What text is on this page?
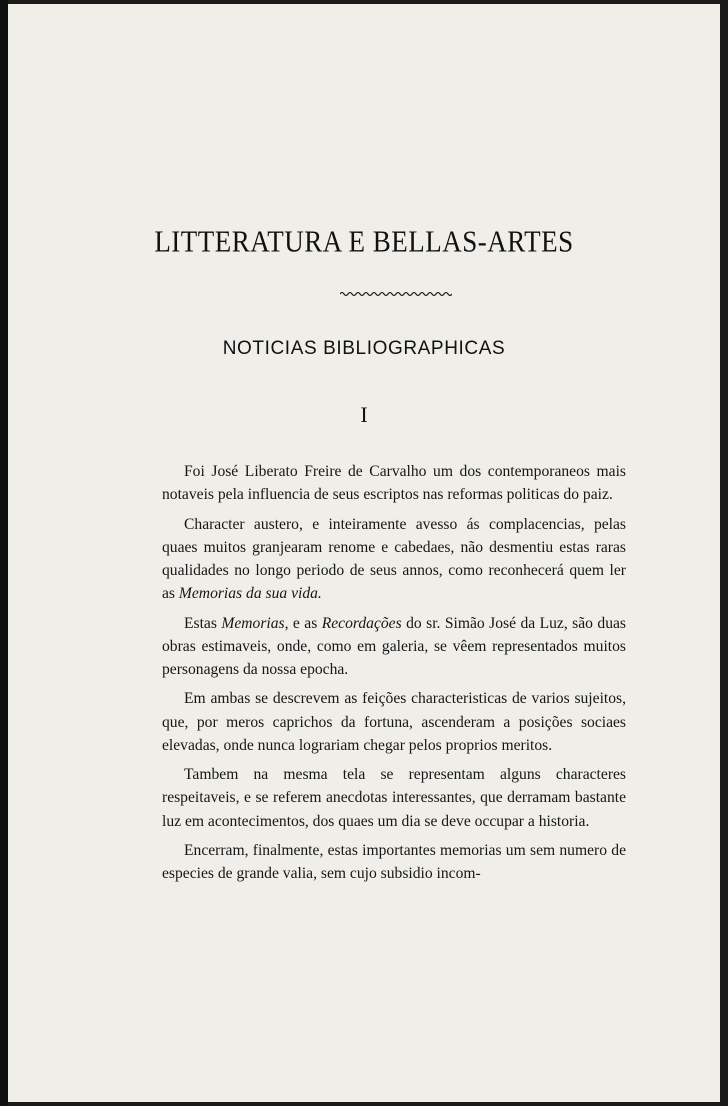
LITTERATURA E BELLAS-ARTES
NOTICIAS BIBLIOGRAPHICAS
I

Foi José Liberato Freire de Carvalho um dos contemporaneos mais notaveis pela influencia de seus escriptos nas reformas politicas do paiz.

Character austero, e inteiramente avesso ás complacencias, pelas quaes muitos granjearam renome e cabedaes, não desmentiu estas raras qualidades no longo periodo de seus annos, como reconhecerá quem ler as Memorias da sua vida.

Estas Memorias, e as Recordações do sr. Simão José da Luz, são duas obras estimaveis, onde, como em galeria, se vêem representados muitos personagens da nossa epocha.

Em ambas se descrevem as feições characteristicas de varios sujeitos, que, por meros caprichos da fortuna, ascenderam a posições sociaes elevadas, onde nunca lograriam chegar pelos proprios meritos.

Tambem na mesma tela se representam alguns characteres respeitaveis, e se referem anecdotas interessantes, que derramam bastante luz em acontecimentos, dos quaes um dia se deve occupar a historia.

Encerram, finalmente, estas importantes memorias um sem numero de especies de grande valia, sem cujo subsidio incom-
